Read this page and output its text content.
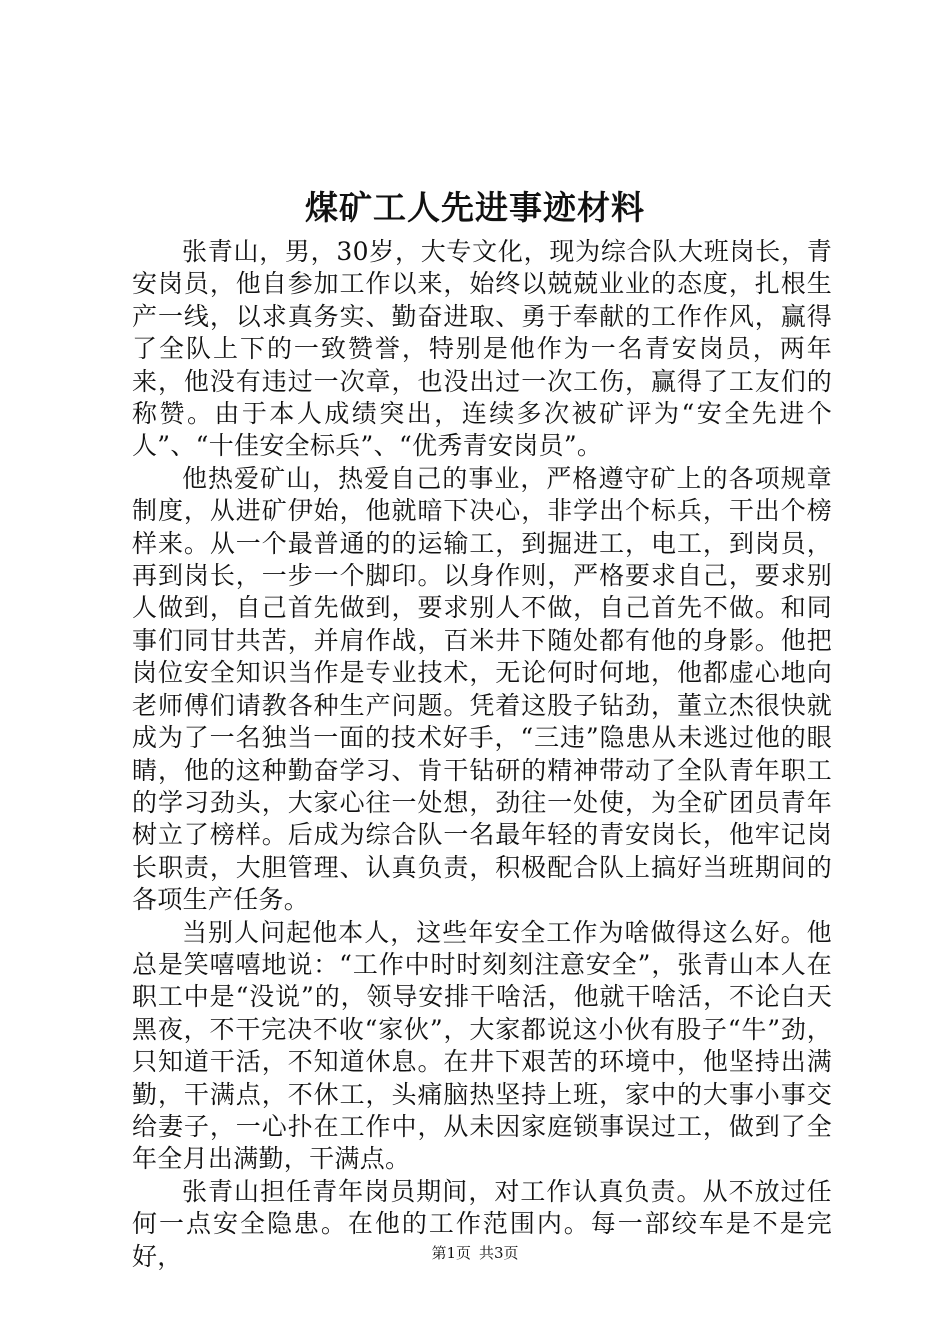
煤矿工人先进事迹材料

张青山，男，30岁，大专文化，现为综合队大班岗长，青安岗员，他自参加工作以来，始终以兢兢业业的态度，扎根生产一线，以求真务实、勤奋进取、勇于奉献的工作作风，赢得了全队上下的一致赞誉，特别是他作为一名青安岗员，两年来，他没有违过一次章，也没出过一次工伤，赢得了工友们的称赞。由于本人成绩突出，连续多次被矿评为“安全先进个人”、“十佳安全标兵”、“优秀青安岗员”。

他热爱矿山，热爱自己的事业，严格遵守矿上的各项规章制度，从进矿伊始，他就暗下决心，非学出个标兵，干出个榜样来。从一个最普通的的运输工，到掘进工，电工，到岗员，再到岗长，一步一个脚印。以身作则，严格要求自己，要求别人做到，自己首先做到，要求别人不做，自己首先不做。和同事们同甘共苦，并肩作战，百米井下随处都有他的身影。他把岗位安全知识当作是专业技术，无论何时何地，他都虚心地向老师傅们请教各种生产问题。凭着这股子钻劲，董立杰很快就成为了一名独当一面的技术好手，“三违”隐患从未逃过他的眼睛，他的这种勤奋学习、肯干钻研的精神带动了全队青年职工的学习劲头，大家心往一处想，劲往一处使，为全矿团员青年树立了榜样。后成为综合队一名最年轻的青安岗长，他牢记岗长职责，大胆管理、认真负责，积极配合队上搞好当班期间的各项生产任务。

当别人问起他本人，这些年安全工作为啥做得这么好。他总是笑嘻嘻地说：“工作中时时刻刻注意安全”，张青山本人在职工中是“没说”的，领导安排干啥活，他就干啥活，不论白天黑夜，不干完决不收“家伙”，大家都说这小伙有股子“牛”劲，只知道干活，不知道休息。在井下艰苦的环境中，他坚持出满勤，干满点，不休工，头痛脑热坚持上班，家中的大事小事交给妻子，一心扑在工作中，从未因家庭锁事误过工，做到了全年全月出满勤，干满点。

张青山担任青年岗员期间，对工作认真负责。从不放过任何一点安全隐患。在他的工作范围内。每一部绞车是不是完好，	第1页 共3页
